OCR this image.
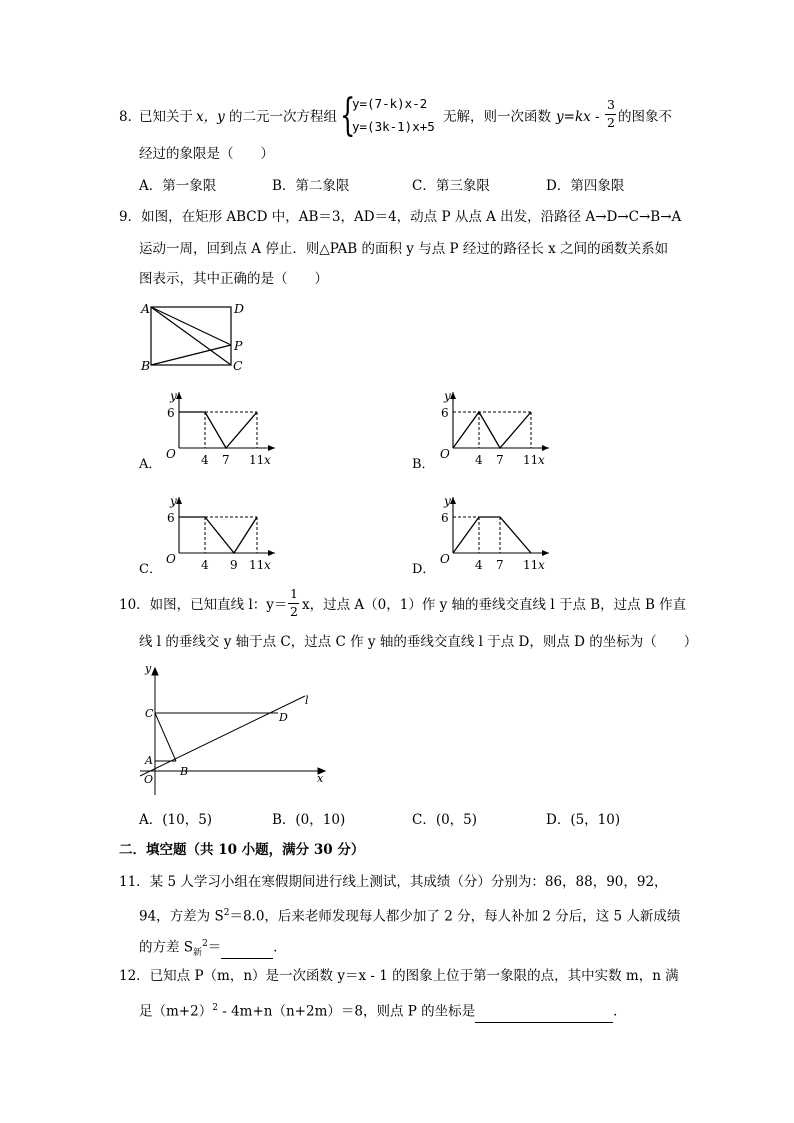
8．
已知关于 x，y 的二元一次方程组 {
y=(7-k)x-2
y=(3k-1)x+5
无解，则一次函数 y=kx -
3
2 的图象不
经过的象限是（　　）
A．第一象限	B．第二象限	C．第三象限	D．第四象限
9．如图，在矩形 ABCD 中，AB＝3，AD＝4，动点 P 从点 A 出发，沿路径 A→D→C→B→A
运动一周，回到点 A 停止．则△PAB 的面积 y 与点 P 经过的路径长 x 之间的函数关系如
图表示，其中正确的是（　　）
A	D
B	C
P
y
6
O 4 7 11 x
A．
y
6
O 4 7 11 x
B．
y
6
O 4 9 11 x
C．
y
6
O 4 7 11 x
D．
10．如图，已知直线 l：y＝
1
2 x，过点 A（0，1）作 y 轴的垂线交直线 l 于点 B，过点 B 作直
线 l 的垂线交 y 轴于点 C，过点 C 作 y 轴的垂线交直线 l 于点 D，则点 D 的坐标为（　　）
y
x
O
A
B
C	D
l
A．(10，5)	B．(0，10)	C．(0，5)	D．(5，10)
二．填空题（共 10 小题，满分 30 分）
11．某 5 人学习小组在寒假期间进行线上测试，其成绩（分）分别为：86，88，90，92，
94，方差为 $S^2=8.0$，后来老师发现每人都少加了 2 分，每人补加 2 分后，这 5 人新成绩
的方差 $S_新^2=$	．
12．已知点 P（m，n）是一次函数 y＝x - 1 的图象上位于第一象限的点，其中实数 m，n 满
足$(m+2)^2 - 4m+n(n+2m)=8$，则点 P 的坐标是	．
